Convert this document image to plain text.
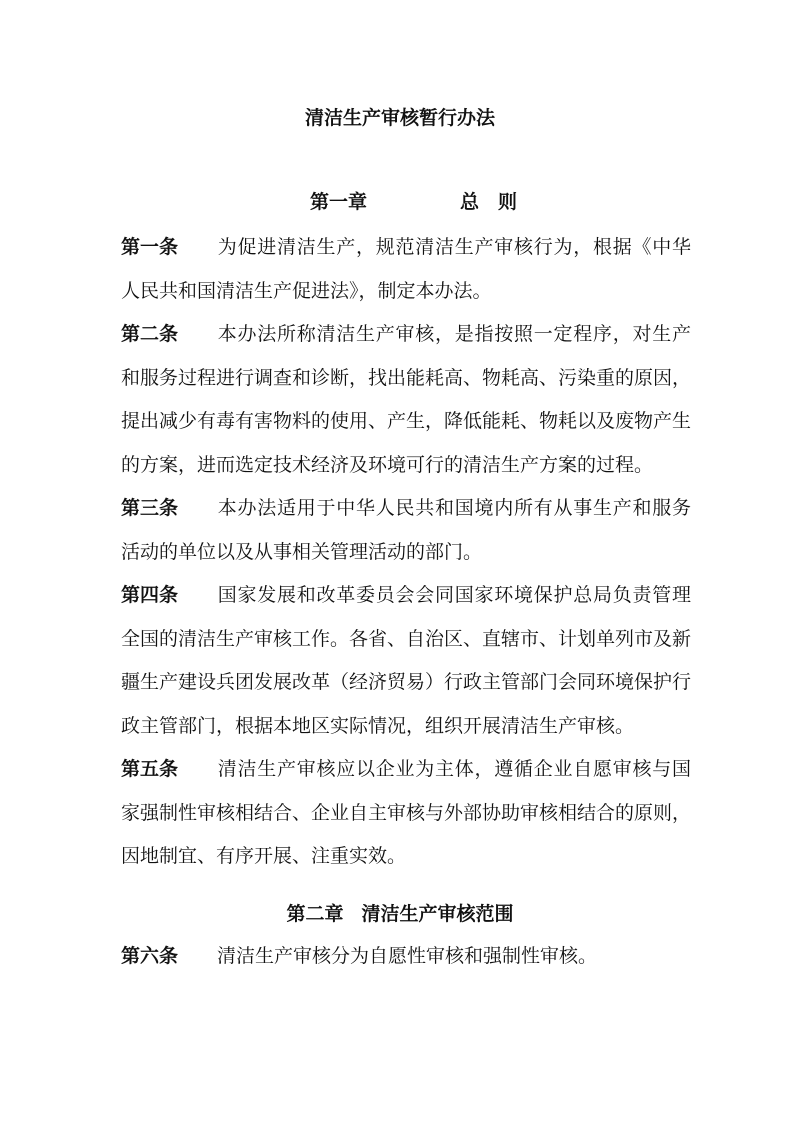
清洁生产审核暂行办法
第一章	总　则

第一条 为促进清洁生产，规范清洁生产审核行为，根据《中华人民共和国清洁生产促进法》，制定本办法。

第二条 本办法所称清洁生产审核，是指按照一定程序，对生产和服务过程进行调查和诊断，找出能耗高、物耗高、污染重的原因，提出减少有毒有害物料的使用、产生，降低能耗、物耗以及废物产生的方案，进而选定技术经济及环境可行的清洁生产方案的过程。

第三条 本办法适用于中华人民共和国境内所有从事生产和服务活动的单位以及从事相关管理活动的部门。

第四条 国家发展和改革委员会会同国家环境保护总局负责管理全国的清洁生产审核工作。各省、自治区、直辖市、计划单列市及新疆生产建设兵团发展改革（经济贸易）行政主管部门会同环境保护行政主管部门，根据本地区实际情况，组织开展清洁生产审核。

第五条 清洁生产审核应以企业为主体，遵循企业自愿审核与国家强制性审核相结合、企业自主审核与外部协助审核相结合的原则，因地制宜、有序开展、注重实效。

第二章 清洁生产审核范围

第六条 清洁生产审核分为自愿性审核和强制性审核。
